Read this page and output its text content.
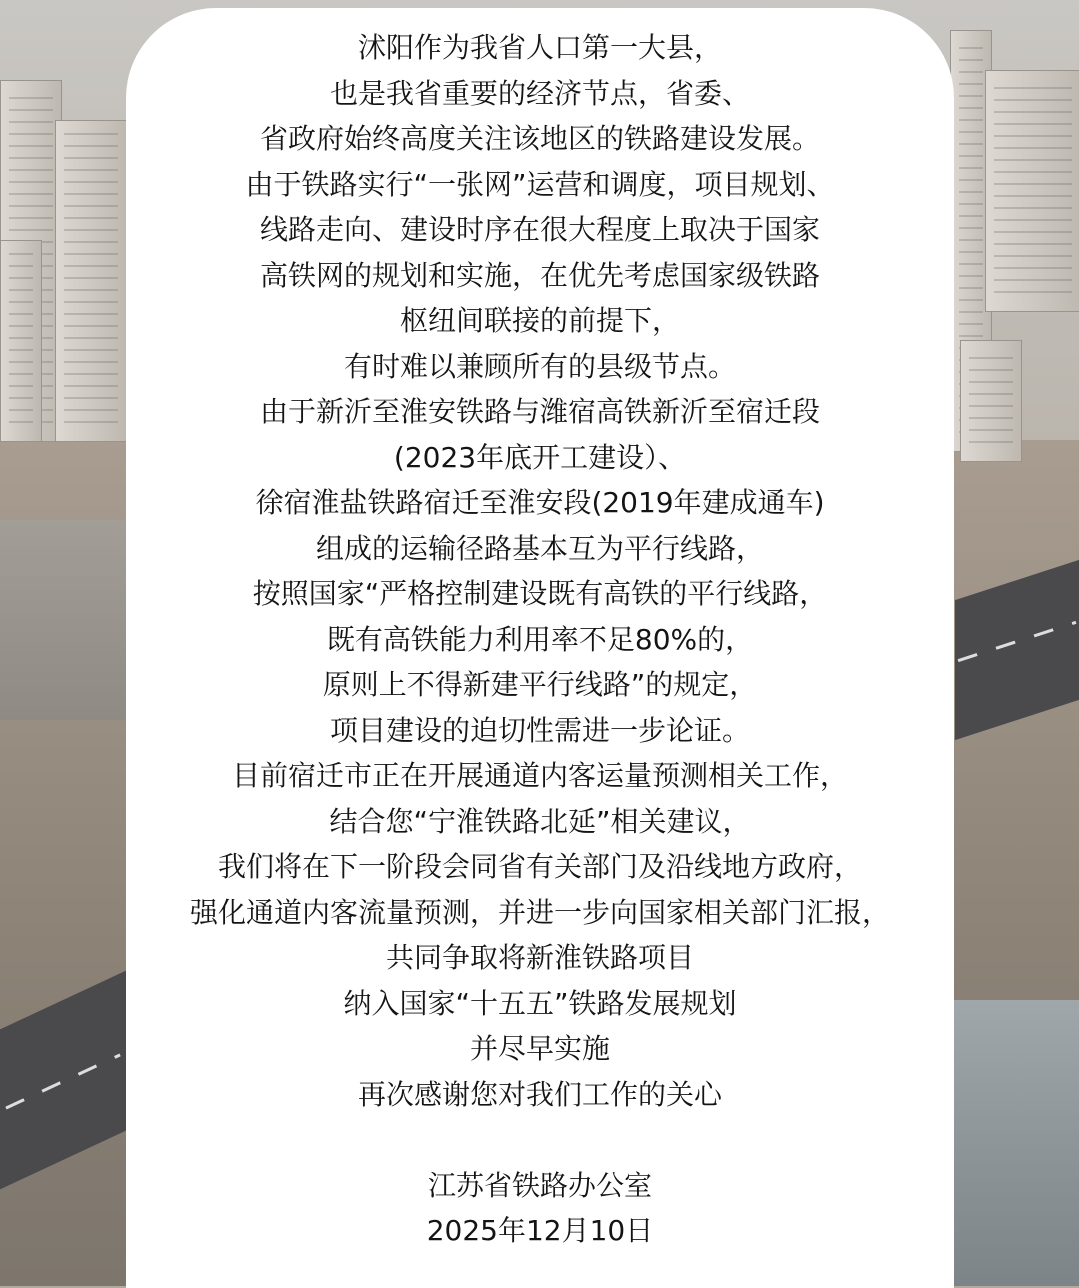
沭阳作为我省人口第一大县，
也是我省重要的经济节点，省委、
省政府始终高度关注该地区的铁路建设发展。
由于铁路实行“一张网”运营和调度，项目规划、
线路走向、建设时序在很大程度上取决于国家
高铁网的规划和实施，在优先考虑国家级铁路
枢纽间联接的前提下，
有时难以兼顾所有的县级节点。
由于新沂至淮安铁路与潍宿高铁新沂至宿迁段
(2023年底开工建设）、
徐宿淮盐铁路宿迁至淮安段(2019年建成通车)
组成的运输径路基本互为平行线路，
按照国家“严格控制建设既有高铁的平行线路，
既有高铁能力利用率不足80%的，
原则上不得新建平行线路”的规定，
项目建设的迫切性需进一步论证。
目前宿迁市正在开展通道内客运量预测相关工作，
结合您“宁淮铁路北延”相关建议，
我们将在下一阶段会同省有关部门及沿线地方政府，
强化通道内客流量预测，并进一步向国家相关部门汇报，
共同争取将新淮铁路项目
纳入国家“十五五”铁路发展规划
并尽早实施
再次感谢您对我们工作的关心
江苏省铁路办公室
2025年12月10日
